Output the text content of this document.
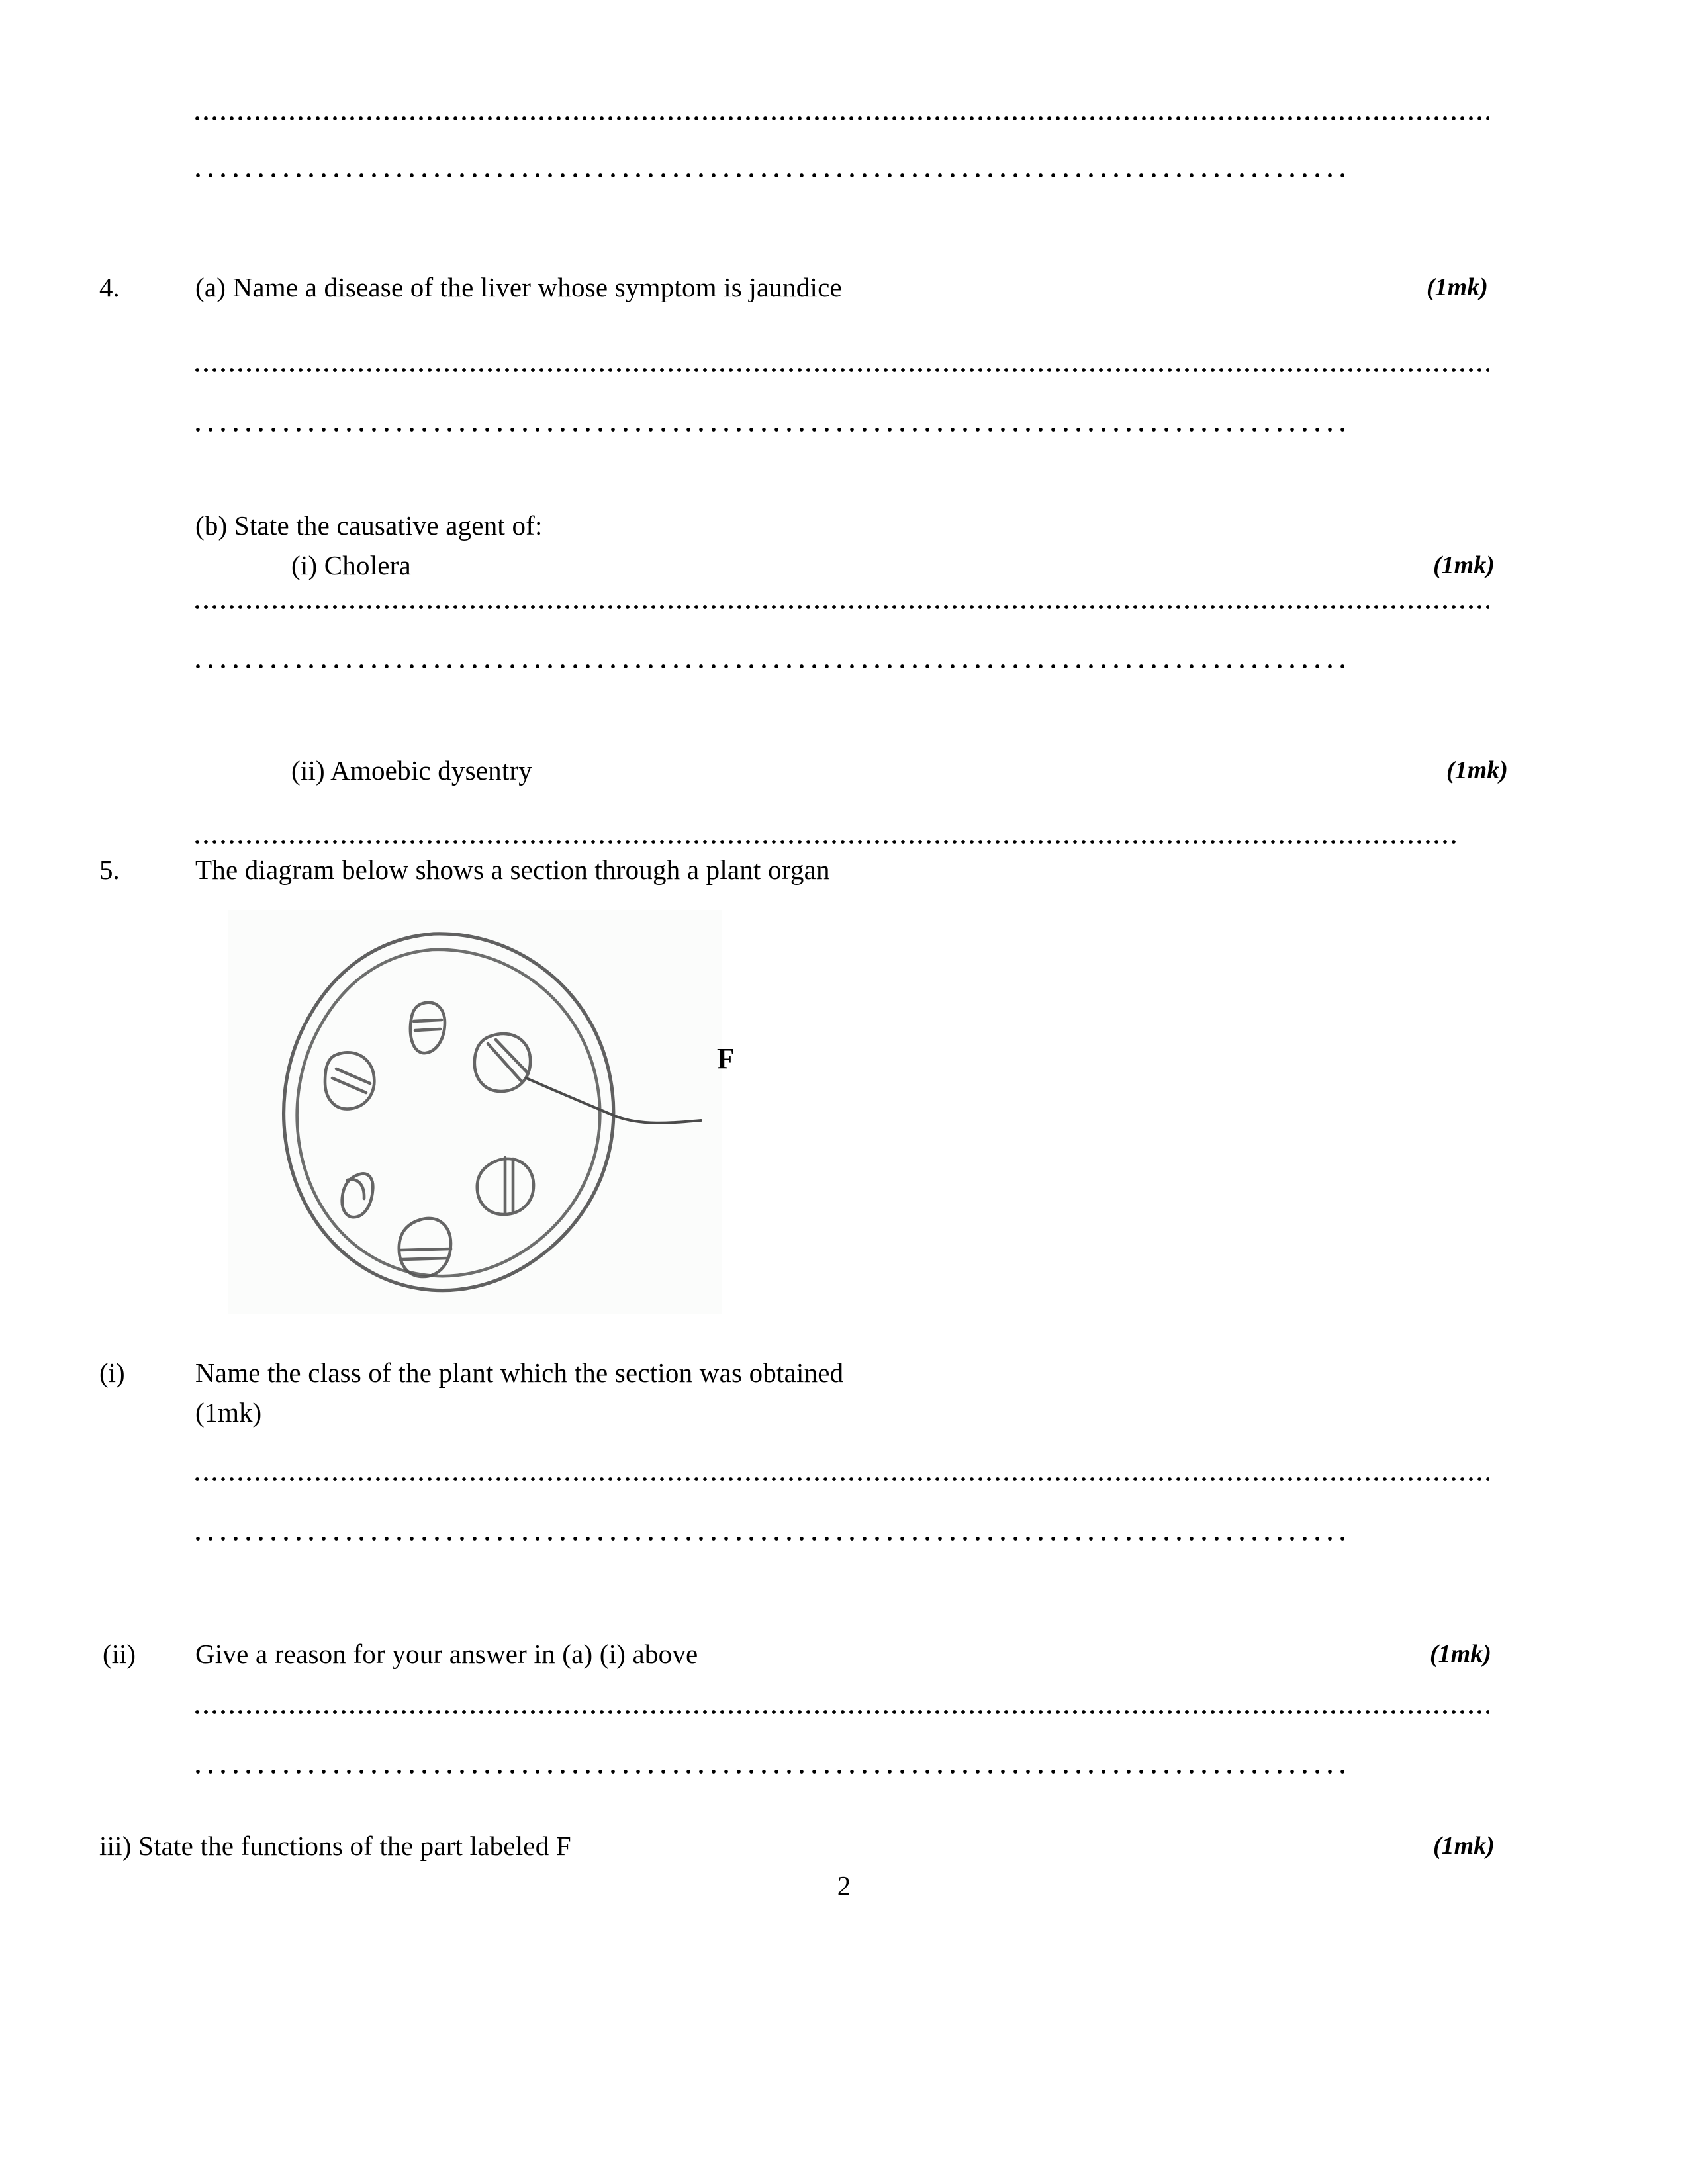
4.	(a) Name a disease of the liver whose symptom is jaundice	(1mk)
(b) State the causative agent of:
(i) Cholera	(1mk)
(ii) Amoebic dysentry	(1mk)
5.	The diagram below shows a section through a plant organ
F
(i)	Name the class of the plant which the section was obtained
(1mk)
(ii) Give a reason for your answer in (a) (i) above	(1mk)
iii) State the functions of the part labeled F	(1mk)
2
